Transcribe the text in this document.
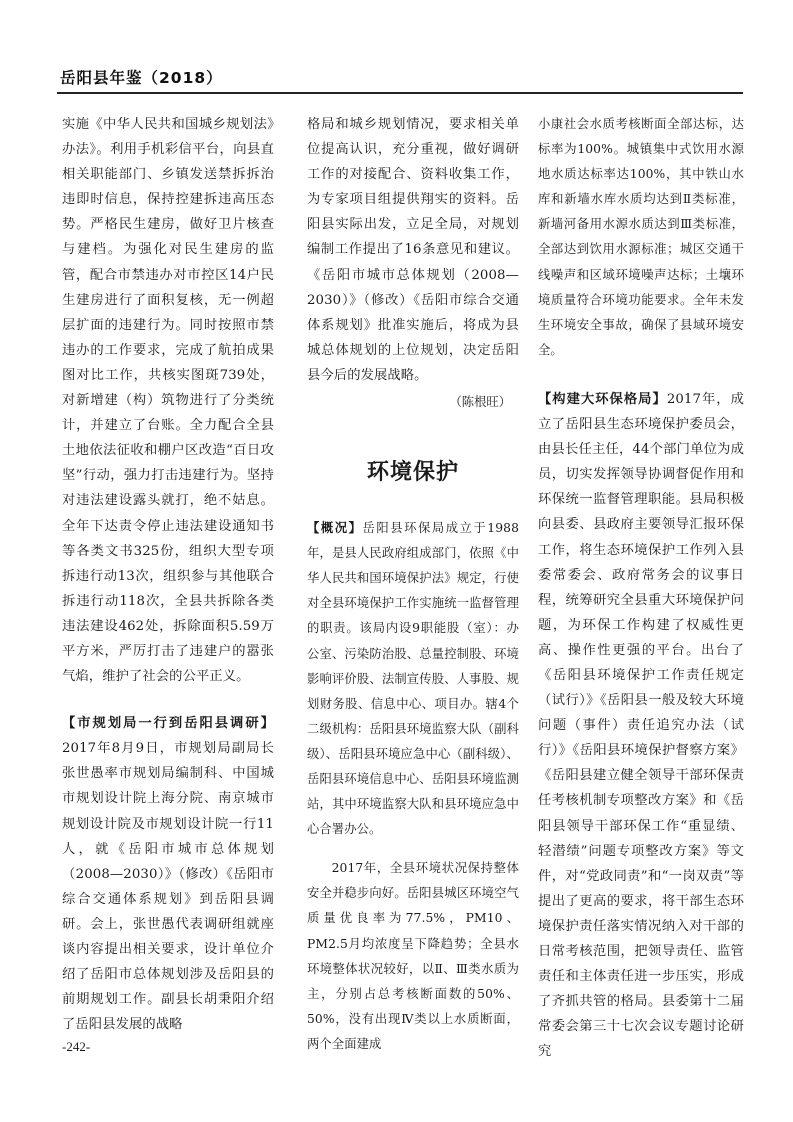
岳阳县年鉴（2018）

实施《中华人民共和国城乡规划法》办法》。利用手机彩信平台，向县直相关职能部门、乡镇发送禁拆拆治违即时信息，保持控建拆违高压态势。严格民生建房，做好卫片核查与建档。为强化对民生建房的监管，配合市禁违办对市控区14户民生建房进行了面积复核，无一例超层扩面的违建行为。同时按照市禁违办的工作要求，完成了航拍成果图对比工作，共核实图斑739处，对新增建（构）筑物进行了分类统计，并建立了台账。全力配合全县土地依法征收和棚户区改造“百日攻坚”行动，强力打击违建行为。坚持对违法建设露头就打，绝不姑息。全年下达责令停止违法建设通知书等各类文书325份，组织大型专项拆违行动13次，组织参与其他联合拆违行动118次，全县共拆除各类违法建设462处，拆除面积5.59万平方米，严厉打击了违建户的嚣张气焰，维护了社会的公平正义。

【市规划局一行到岳阳县调研】2017年8月9日，市规划局副局长张世愚率市规划局编制科、中国城市规划设计院上海分院、南京城市规划设计院及市规划设计院一行11人，就《岳阳市城市总体规划（2008—2030）》（修改）《岳阳市综合交通体系规划》到岳阳县调研。会上，张世愚代表调研组就座谈内容提出相关要求，设计单位介绍了岳阳市总体规划涉及岳阳县的前期规划工作。副县长胡秉阳介绍了岳阳县发展的战略

格局和城乡规划情况，要求相关单位提高认识，充分重视，做好调研工作的对接配合、资料收集工作，为专家项目组提供翔实的资料。岳阳县实际出发，立足全局，对规划编制工作提出了16条意见和建议。《岳阳市城市总体规划（2008—2030）》（修改）《岳阳市综合交通体系规划》批准实施后，将成为县城总体规划的上位规划，决定岳阳县今后的发展战略。

（陈根旺）
环境保护

【概况】岳阳县环保局成立于1988年，是县人民政府组成部门，依照《中华人民共和国环境保护法》规定，行使对全县环境保护工作实施统一监督管理的职责。该局内设9职能股（室）：办公室、污染防治股、总量控制股、环境影响评价股、法制宣传股、人事股、规划财务股、信息中心、项目办。辖4个二级机构：岳阳县环境监察大队（副科级）、岳阳县环境应急中心（副科级）、岳阳县环境信息中心、岳阳县环境监测站，其中环境监察大队和县环境应急中心合署办公。

2017年，全县环境状况保持整体安全并稳步向好。岳阳县城区环境空气质量优良率为77.5%，PM10、PM2.5月均浓度呈下降趋势；全县水环境整体状况较好，以Ⅱ、Ⅲ类水质为主，分别占总考核断面数的50%、50%，没有出现Ⅳ类以上水质断面，两个全面建成

小康社会水质考核断面全部达标，达标率为100%。城镇集中式饮用水源地水质达标率达100%，其中铁山水库和新墙水库水质均达到Ⅱ类标准，新墙河备用水源水质达到Ⅲ类标准，全部达到饮用水源标准；城区交通干线噪声和区域环境噪声达标；土壤环境质量符合环境功能要求。全年未发生环境安全事故，确保了县域环境安全。

【构建大环保格局】2017年，成立了岳阳县生态环境保护委员会，由县长任主任，44个部门单位为成员，切实发挥领导协调督促作用和环保统一监督管理职能。县局积极向县委、县政府主要领导汇报环保工作，将生态环境保护工作列入县委常委会、政府常务会的议事日程，统筹研究全县重大环境保护问题，为环保工作构建了权威性更高、操作性更强的平台。出台了《岳阳县环境保护工作责任规定（试行）》《岳阳县一般及较大环境问题（事件）责任追究办法（试行）》《岳阳县环境保护督察方案》《岳阳县建立健全领导干部环保责任考核机制专项整改方案》和《岳阳县领导干部环保工作“重显绩、轻潜绩”问题专项整改方案》等文件，对“党政同责”和“一岗双责”等提出了更高的要求，将干部生态环境保护责任落实情况纳入对干部的日常考核范围，把领导责任、监管责任和主体责任进一步压实，形成了齐抓共管的格局。县委第十二届常委会第三十七次会议专题讨论研究

-242-
